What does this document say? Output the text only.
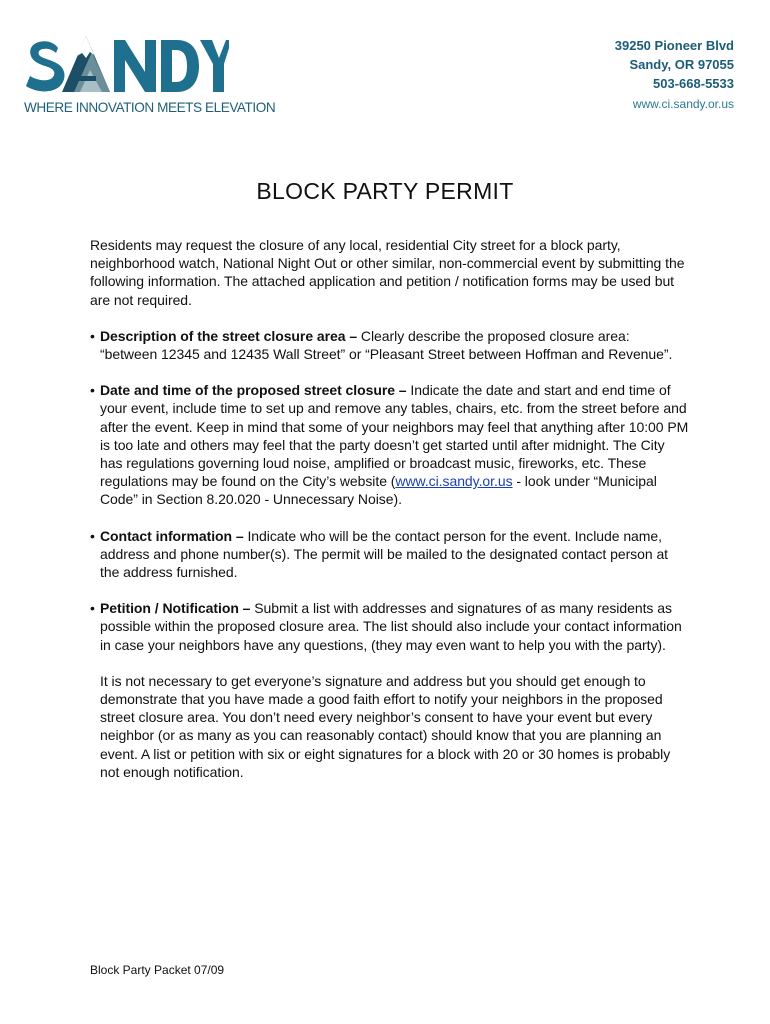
WHERE INNOVATION MEETS ELEVATION
39250 Pioneer Blvd
Sandy, OR 97055
503-668-5533
www.ci.sandy.or.us
BLOCK PARTY PERMIT

Residents may request the closure of any local, residential City street for a block party, neighborhood watch, National Night Out or other similar, non-commercial event by submitting the following information. The attached application and petition / notification forms may be used but are not required.

• Description of the street closure area – Clearly describe the proposed closure area: “between 12345 and 12435 Wall Street” or “Pleasant Street between Hoffman and Revenue”.
• Date and time of the proposed street closure – Indicate the date and start and end time of your event, include time to set up and remove any tables, chairs, etc. from the street before and after the event. Keep in mind that some of your neighbors may feel that anything after 10:00 PM is too late and others may feel that the party doesn’t get started until after midnight. The City has regulations governing loud noise, amplified or broadcast music, fireworks, etc. These regulations may be found on the City’s website (www.ci.sandy.or.us - look under “Municipal Code” in Section 8.20.020 - Unnecessary Noise).
• Contact information – Indicate who will be the contact person for the event. Include name, address and phone number(s). The permit will be mailed to the designated contact person at the address furnished.
• Petition / Notification – Submit a list with addresses and signatures of as many residents as possible within the proposed closure area. The list should also include your contact information in case your neighbors have any questions, (they may even want to help you with the party).

It is not necessary to get everyone’s signature and address but you should get enough to demonstrate that you have made a good faith effort to notify your neighbors in the proposed street closure area. You don’t need every neighbor’s consent to have your event but every neighbor (or as many as you can reasonably contact) should know that you are planning an event. A list or petition with six or eight signatures for a block with 20 or 30 homes is probably not enough notification.

Block Party Packet 07/09
